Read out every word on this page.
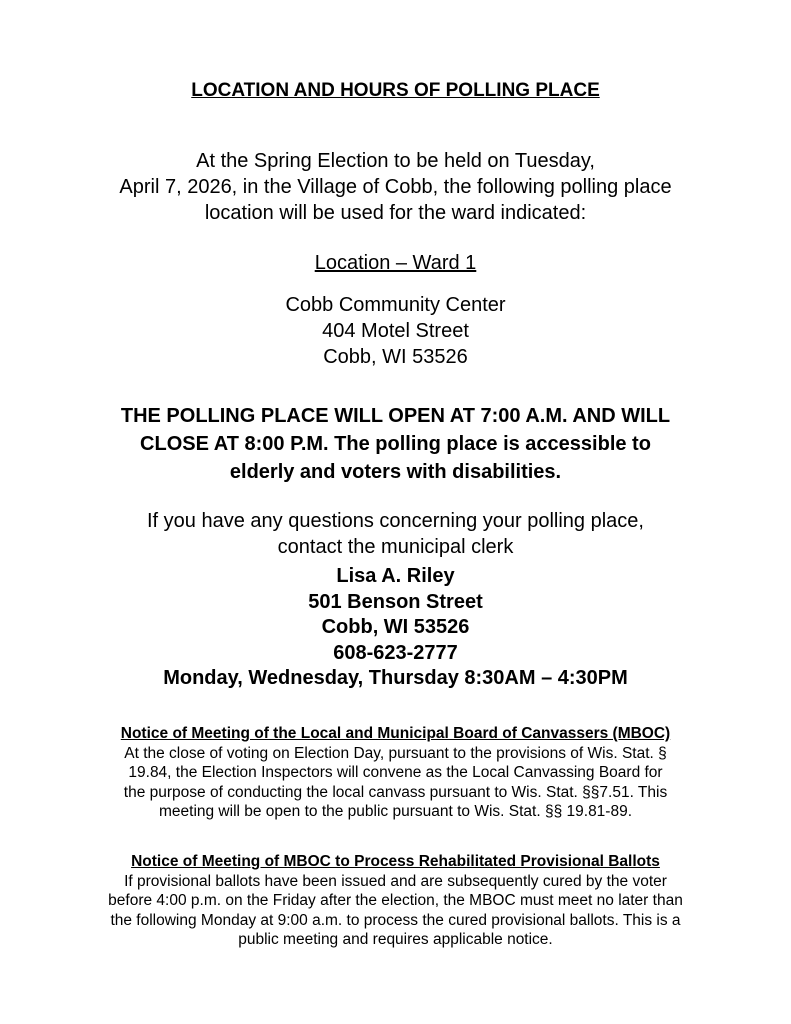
LOCATION AND HOURS OF POLLING PLACE
At the Spring Election to be held on Tuesday,
April 7, 2026, in the Village of Cobb, the following polling place
location will be used for the ward indicated:
Location – Ward 1
Cobb Community Center
404 Motel Street
Cobb, WI 53526
THE POLLING PLACE WILL OPEN AT 7:00 A.M. AND WILL
CLOSE AT 8:00 P.M. The polling place is accessible to
elderly and voters with disabilities.
If you have any questions concerning your polling place,
contact the municipal clerk
Lisa A. Riley
501 Benson Street
Cobb, WI 53526
608-623-2777
Monday, Wednesday, Thursday 8:30AM – 4:30PM
Notice of Meeting of the Local and Municipal Board of Canvassers (MBOC)
At the close of voting on Election Day, pursuant to the provisions of Wis. Stat. §
19.84, the Election Inspectors will convene as the Local Canvassing Board for
the purpose of conducting the local canvass pursuant to Wis. Stat. §§7.51. This
meeting will be open to the public pursuant to Wis. Stat. §§ 19.81-89.
Notice of Meeting of MBOC to Process Rehabilitated Provisional Ballots
If provisional ballots have been issued and are subsequently cured by the voter
before 4:00 p.m. on the Friday after the election, the MBOC must meet no later than
the following Monday at 9:00 a.m. to process the cured provisional ballots. This is a
public meeting and requires applicable notice.
